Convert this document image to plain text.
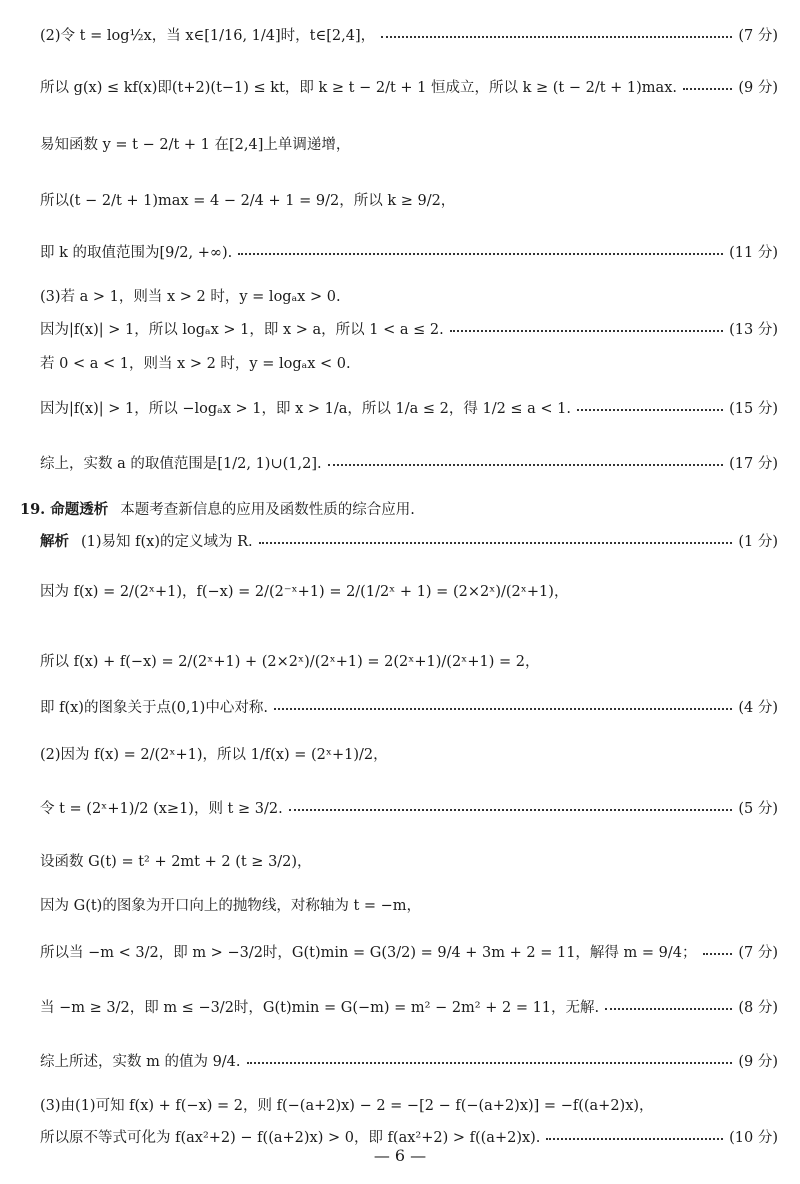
(2)令 t = log½x，当 x∈[1/16, 1/4]时，t∈[2,4]，	(7 分)
所以 g(x) ≤ kf(x)即(t+2)(t−1) ≤ kt，即 k ≥ t − 2/t + 1 恒成立，所以 k ≥ (t − 2/t + 1)max.	(9 分)
易知函数 y = t − 2/t + 1 在[2,4]上单调递增，
所以(t − 2/t + 1)max = 4 − 2/4 + 1 = 9/2，所以 k ≥ 9/2，
即 k 的取值范围为[9/2, +∞).	(11 分)
(3)若 a > 1，则当 x > 2 时，y = logₐx > 0.
因为|f(x)| > 1，所以 logₐx > 1，即 x > a，所以 1 < a ≤ 2.	(13 分)
若 0 < a < 1，则当 x > 2 时，y = logₐx < 0.
因为|f(x)| > 1，所以 −logₐx > 1，即 x > 1/a，所以 1/a ≤ 2，得 1/2 ≤ a < 1.	(15 分)
综上，实数 a 的取值范围是[1/2, 1)∪(1,2].	(17 分)
19. 命题透析 本题考查新信息的应用及函数性质的综合应用.
解析 (1)易知 f(x)的定义域为 R.	(1 分)
因为 f(x) = 2/(2ˣ+1)，f(−x) = 2/(2⁻ˣ+1) = 2/(1/2ˣ + 1) = (2×2ˣ)/(2ˣ+1)，
所以 f(x) + f(−x) = 2/(2ˣ+1) + (2×2ˣ)/(2ˣ+1) = 2(2ˣ+1)/(2ˣ+1) = 2，
即 f(x)的图象关于点(0,1)中心对称.	(4 分)
(2)因为 f(x) = 2/(2ˣ+1)，所以 1/f(x) = (2ˣ+1)/2，
令 t = (2ˣ+1)/2 (x≥1)，则 t ≥ 3/2.	(5 分)
设函数 G(t) = t² + 2mt + 2 (t ≥ 3/2)，
因为 G(t)的图象为开口向上的抛物线，对称轴为 t = −m，
所以当 −m < 3/2，即 m > −3/2时，G(t)min = G(3/2) = 9/4 + 3m + 2 = 11，解得 m = 9/4；	(7 分)
当 −m ≥ 3/2，即 m ≤ −3/2时，G(t)min = G(−m) = m² − 2m² + 2 = 11，无解.	(8 分)
综上所述，实数 m 的值为 9/4.	(9 分)
(3)由(1)可知 f(x) + f(−x) = 2，则 f(−(a+2)x) − 2 = −[2 − f(−(a+2)x)] = −f((a+2)x)，
所以原不等式可化为 f(ax²+2) − f((a+2)x) > 0，即 f(ax²+2) > f((a+2)x).	(10 分)
— 6 —
